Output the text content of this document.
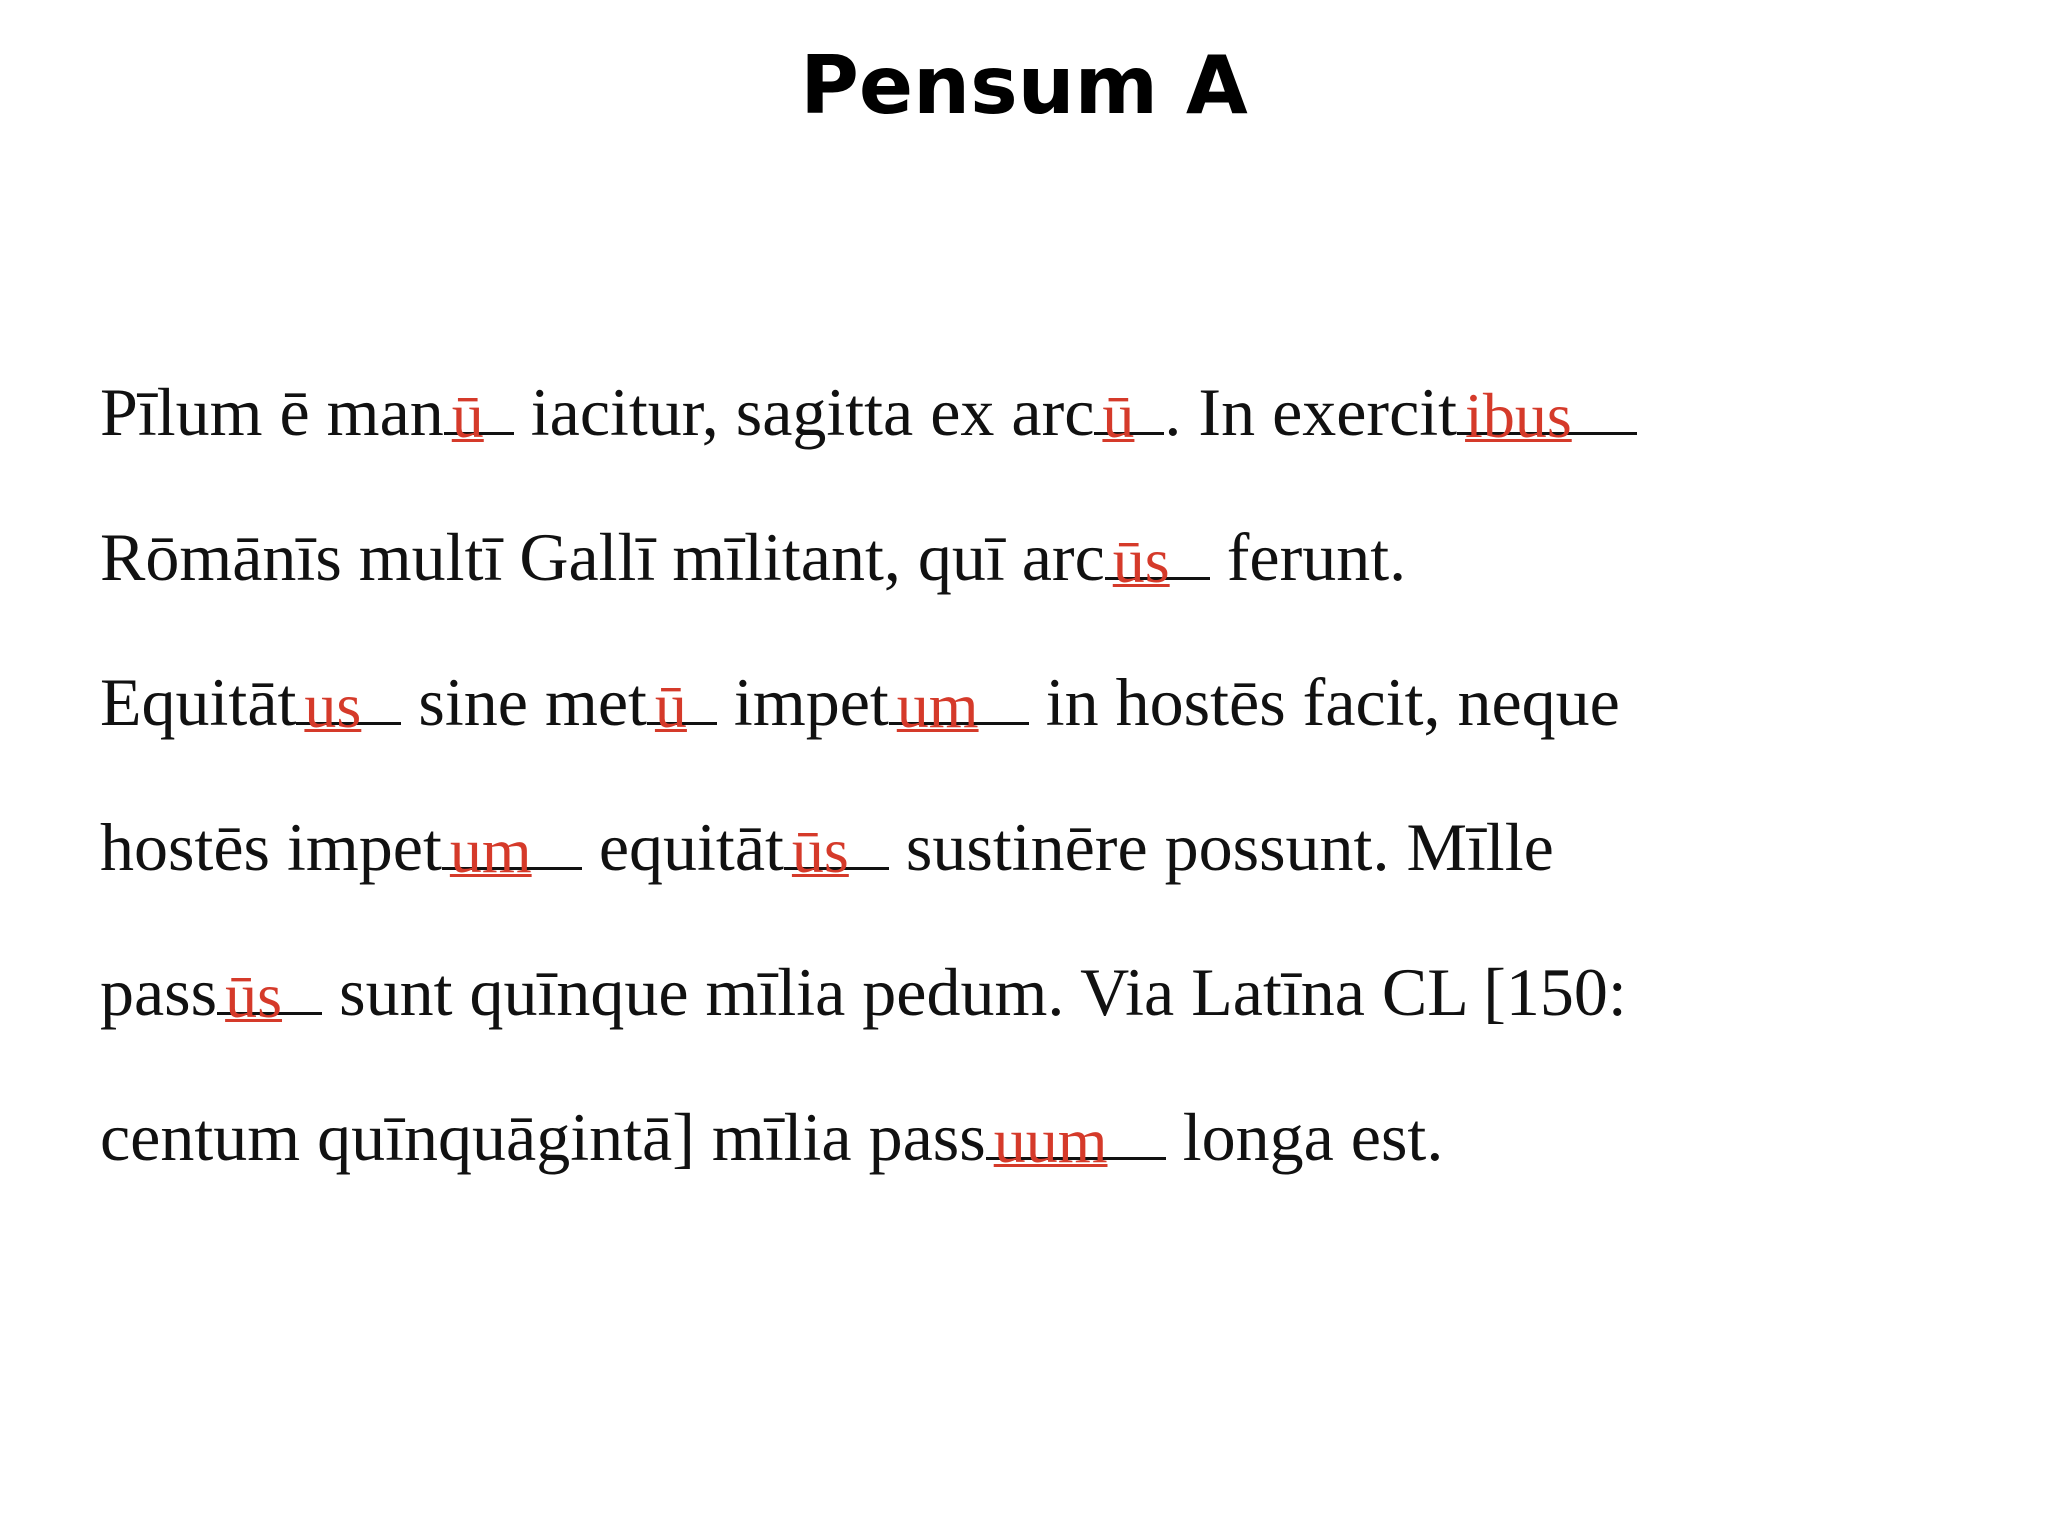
Pensum A
Pīlum ē man ū iacitur, sagitta ex arc ū . In exercit ibus
Rōmānīs multī Gallī mīlitant, quī arc ūs ferunt.
Equitāt us sine met ū impet um in hostēs facit, neque
hostēs impet um equitāt ūs sustinēre possunt. Mīlle
pass ūs sunt quīnque mīlia pedum. Via Latīna CL [150:
centum quīnquāgintā] mīlia pass uum longa est.
